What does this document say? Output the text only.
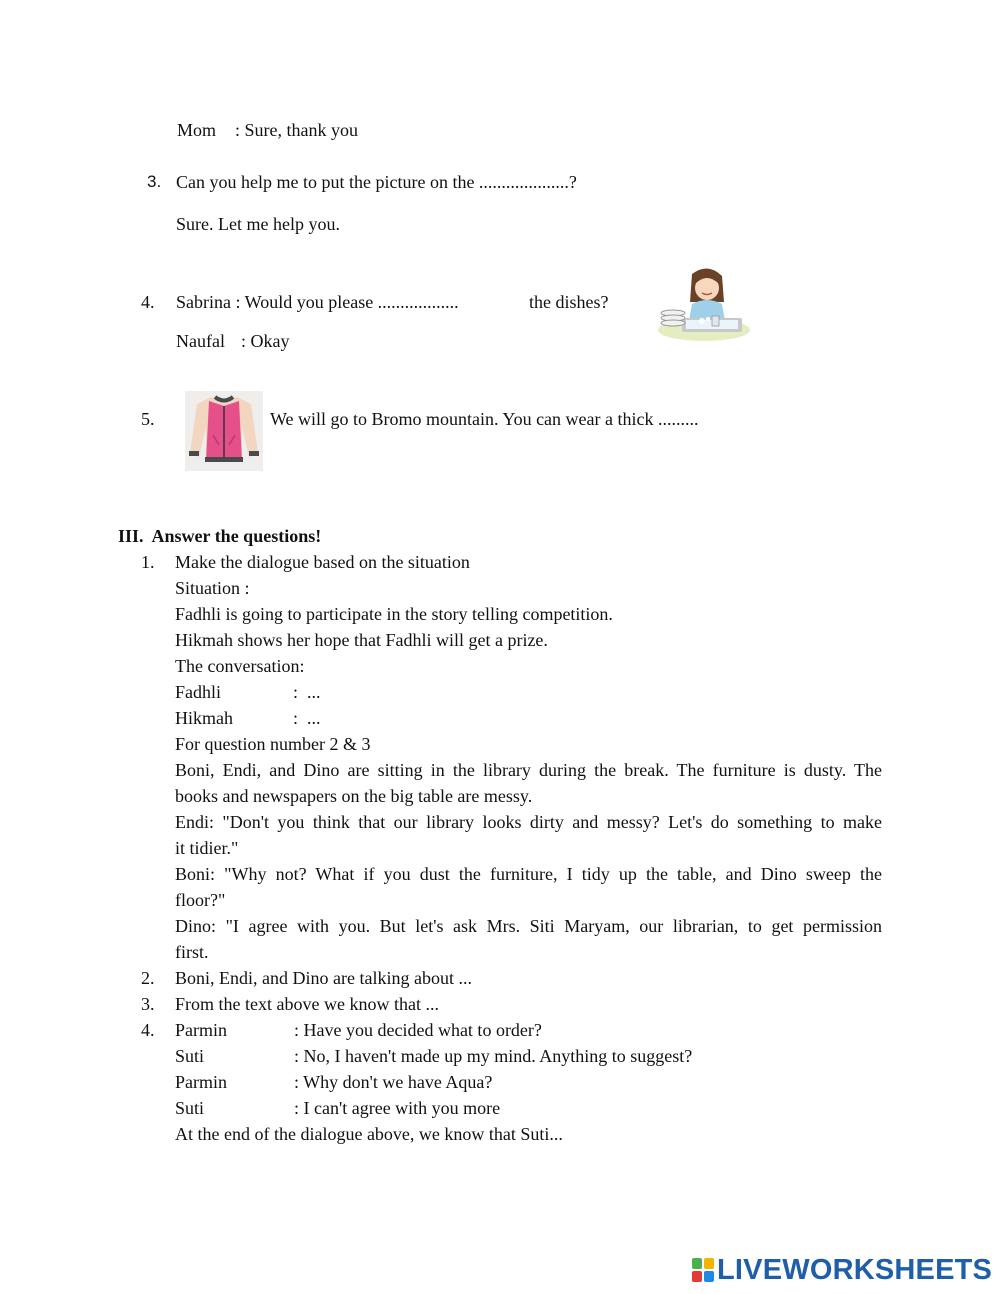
Mom : Sure, thank you
3. Can you help me to put the picture on the ....................?
Sure. Let me help you.
4. Sabrina : Would you please ..................	the dishes?
Naufal : Okay
5.	We will go to Bromo mountain. You can wear a thick .........
III.  Answer the questions!
1. Make the dialogue based on the situation
Situation :
Fadhli is going to participate in the story telling competition.
Hikmah shows her hope that Fadhli will get a prize.
The conversation:
Fadhli	:  ...
Hikmah	:  ...
For question number 2 & 3
Boni, Endi, and Dino are sitting in the library during the break. The furniture is dusty. The
books and newspapers on the big table are messy.
Endi: "Don't you think that our library looks dirty and messy? Let's do something to make
it tidier."
Boni: "Why not? What if you dust the furniture, I tidy up the table, and Dino sweep the
floor?"
Dino: "I agree with you. But let's ask Mrs. Siti Maryam, our librarian, to get permission
first.
2. Boni, Endi, and Dino are talking about ...
3. From the text above we know that ...
4. Parmin	: Have you decided what to order?
Suti	: No, I haven't made up my mind. Anything to suggest?
Parmin	: Why don't we have Aqua?
Suti	: I can't agree with you more
At the end of the dialogue above, we know that Suti...
LIVEWORKSHEETS
